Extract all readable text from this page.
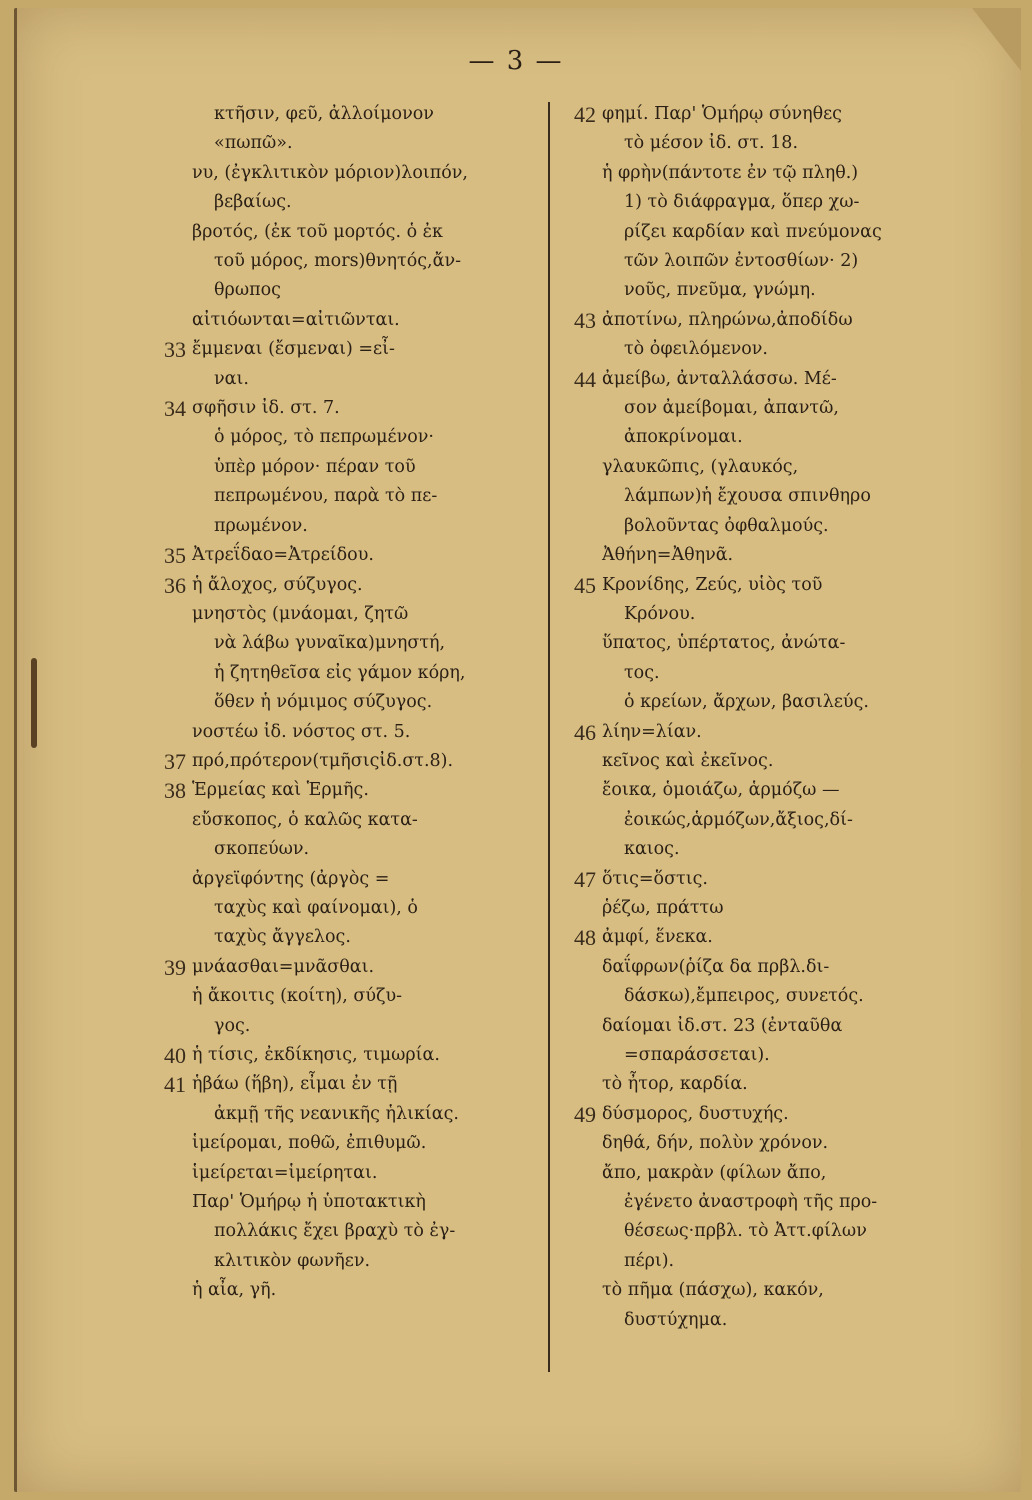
— 3 —
κτῆσιν, φεῦ, ἀλλοίμονον
«πωπῶ».
νυ, (ἐγκλιτικὸν μόριον)λοιπόν,
βεβαίως.
βροτός, (ἐκ τοῦ μορτός. ὁ ἐκ
τοῦ μόρος, mors)θνητός,ἄν-
θρωπος
αἰτιόωνται=αἰτιῶνται.
33 ἔμμεναι (ἔσμεναι) =εἶ-
ναι.
34 σφῆσιν ἰδ. στ. 7.
ὁ μόρος, τὸ πεπρωμένον·
ὑπὲρ μόρον· πέραν τοῦ
πεπρωμένου, παρὰ τὸ πε-
πρωμένον.
35 Ἀτρεΐδαο=Ἀτρείδου.
36 ἡ ἄλοχος, σύζυγος.
μνηστὸς (μνάομαι, ζητῶ
νὰ λάβω γυναῖκα)μνηστή,
ἡ ζητηθεῖσα εἰς γάμον κόρη,
ὅθεν ἡ νόμιμος σύζυγος.
νοστέω ἰδ. νόστος στ. 5.
37 πρό,πρότερον(τμῆσιςἰδ.στ.8).
38 Ἑρμείας καὶ Ἑρμῆς.
εὔσκοπος, ὁ καλῶς κατα-
σκοπεύων.
ἀργεϊφόντης (ἀργὸς =
ταχὺς καὶ φαίνομαι), ὁ
ταχὺς ἄγγελος.
39 μνάασθαι=μνᾶσθαι.
ἡ ἄκοιτις (κοίτη), σύζυ-
γος.
40 ἡ τίσις, ἐκδίκησις, τιμωρία.
41 ἡβάω (ἥβη), εἶμαι ἐν τῇ
ἀκμῇ τῆς νεανικῆς ἡλικίας.
ἱμείρομαι, ποθῶ, ἐπιθυμῶ.
ἱμείρεται=ἱμείρηται.
Παρ' Ὁμήρῳ ἡ ὑποτακτικὴ
πολλάκις ἔχει βραχὺ τὸ ἐγ-
κλιτικὸν φωνῆεν.
ἡ αἶα, γῆ.
42 φημί. Παρ' Ὁμήρῳ σύνηθες
τὸ μέσον ἰδ. στ. 18.
ἡ φρὴν(πάντοτε ἐν τῷ πληθ.)
1) τὸ διάφραγμα, ὅπερ χω-
ρίζει καρδίαν καὶ πνεύμονας
τῶν λοιπῶν ἐντοσθίων· 2)
νοῦς, πνεῦμα, γνώμη.
43 ἀποτίνω, πληρώνω,ἀποδίδω
τὸ ὀφειλόμενον.
44 ἀμείβω, ἀνταλλάσσω. Μέ-
σον ἀμείβομαι, ἀπαντῶ,
ἀποκρίνομαι.
γλαυκῶπις, (γλαυκός,
λάμπων)ἡ ἔχουσα σπινθηρο
βολοῦντας ὀφθαλμούς.
Ἀθήνη=Ἀθηνᾶ.
45 Κρονίδης, Ζεύς, υἱὸς τοῦ
Κρόνου.
ὕπατος, ὑπέρτατος, ἀνώτα-
τος.
ὁ κρείων, ἄρχων, βασιλεύς.
46 λίην=λίαν.
κεῖνος καὶ ἐκεῖνος.
ἔοικα, ὁμοιάζω, ἁρμόζω —
ἐοικώς,ἁρμόζων,ἄξιος,δί-
καιος.
47 ὅτις=ὅστις.
ῥέζω, πράττω
48 ἀμφί, ἕνεκα.
δαΐφρων(ῥίζα δα πρβλ.δι-
δάσκω),ἔμπειρος, συνετός.
δαίομαι ἰδ.στ. 23 (ἐνταῦθα
=σπαράσσεται).
τὸ ἦτορ, καρδία.
49 δύσμορος, δυστυχής.
δηθά, δήν, πολὺν χρόνον.
ἄπο, μακρὰν (φίλων ἄπο,
ἐγένετο ἀναστροφὴ τῆς προ-
θέσεως·πρβλ. τὸ Ἀττ.φίλων
πέρι).
τὸ πῆμα (πάσχω), κακόν,
δυστύχημα.
